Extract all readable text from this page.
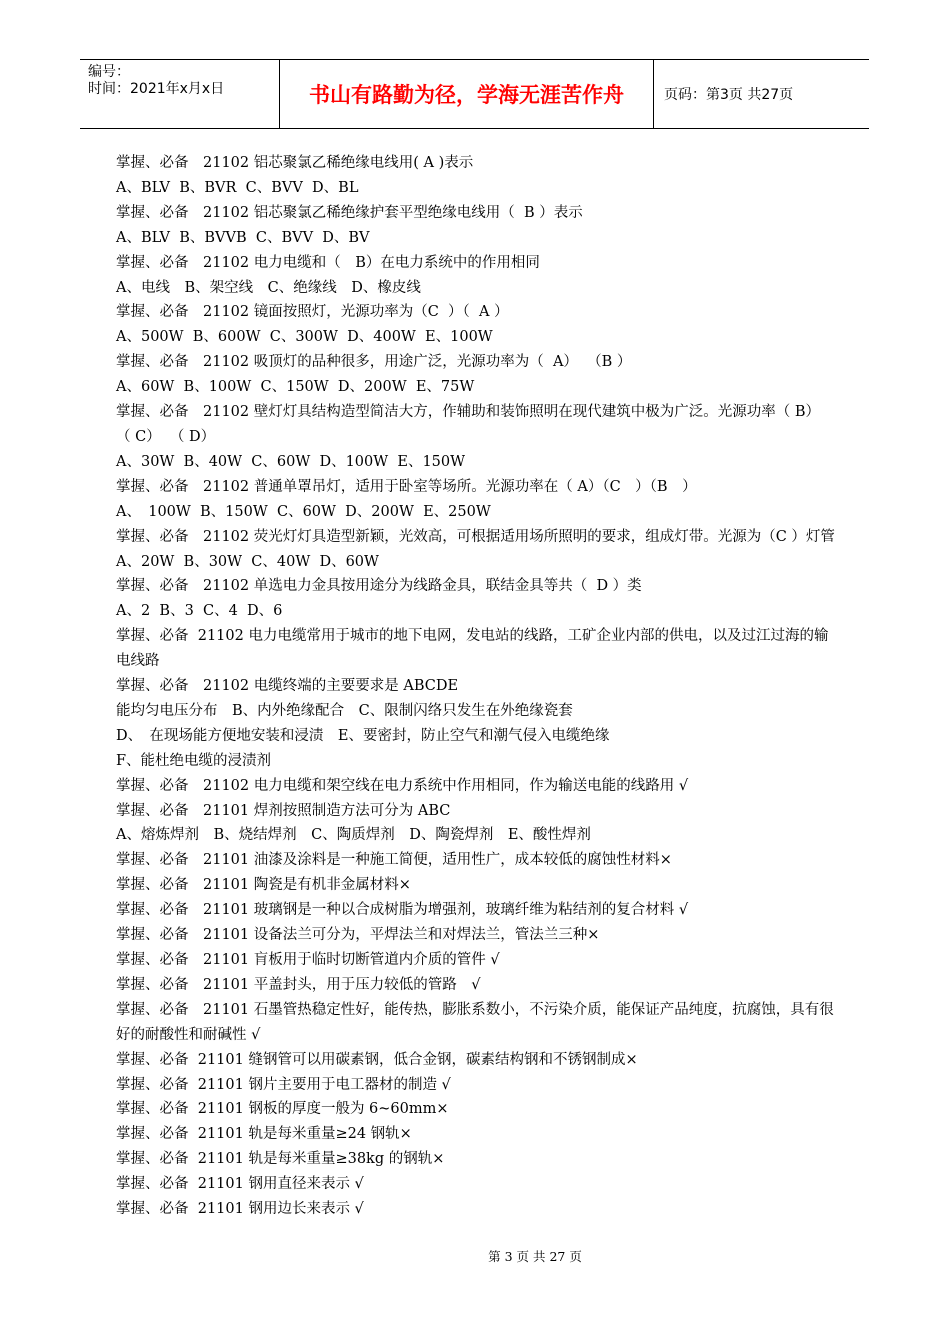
编号：
时间：2021年x月x日	书山有路勤为径，学海无涯苦作舟	页码：第3页 共27页

掌握、必备　21102 铝芯聚氯乙稀绝缘电线用( A )表示

A、BLV  B、BVR  C、BVV  D、BL

掌握、必备　21102 铝芯聚氯乙稀绝缘护套平型绝缘电线用（  B ）表示

A、BLV  B、BVVB  C、BVV  D、BV

掌握、必备　21102 电力电缆和（　B）在电力系统中的作用相同

A、电线　B、架空线　C、绝缘线　D、橡皮线

掌握、必备　21102 镜面按照灯，光源功率为（C  ）（  A ）

A、500W  B、600W  C、300W  D、400W  E、100W

掌握、必备　21102 吸顶灯的品种很多，用途广泛，光源功率为（  A）  （B ）

A、60W  B、100W  C、150W  D、200W  E、75W

掌握、必备　21102 壁灯灯具结构造型简洁大方，作辅助和装饰照明在现代建筑中极为广泛。光源功率（ B）  （ C）  （ D）

A、30W  B、40W  C、60W  D、100W  E、150W

掌握、必备　21102 普通单罩吊灯，适用于卧室等场所。光源功率在（ A）（C　）（B　）

A、　100W  B、150W  C、60W  D、200W  E、250W

掌握、必备　21102 荧光灯灯具造型新颖，光效高，可根据适用场所照明的要求，组成灯带。光源为（C ）灯管

A、20W  B、30W  C、40W  D、60W

掌握、必备　21102 单选电力金具按用途分为线路金具，联结金具等共（  D ）类

A、2  B、3  C、4  D、6

掌握、必备  21102 电力电缆常用于城市的地下电网，发电站的线路，工矿企业内部的供电，以及过江过海的输电线路

掌握、必备　21102 电缆终端的主要要求是 ABCDE

能均匀电压分布　B、内外绝缘配合　C、限制闪络只发生在外绝缘瓷套

D、　在现场能方便地安装和浸渍　E、要密封，防止空气和潮气侵入电缆绝缘

F、能杜绝电缆的浸渍剂

掌握、必备　21102 电力电缆和架空线在电力系统中作用相同，作为输送电能的线路用 √

掌握、必备　21101 焊剂按照制造方法可分为 ABC

A、熔炼焊剂　B、烧结焊剂　C、陶质焊剂　D、陶瓷焊剂　E、酸性焊剂

掌握、必备　21101 油漆及涂料是一种施工简便，适用性广，成本较低的腐蚀性材料×

掌握、必备　21101 陶瓷是有机非金属材料×

掌握、必备　21101 玻璃钢是一种以合成树脂为增强剂，玻璃纤维为粘结剂的复合材料 √

掌握、必备　21101 设备法兰可分为，平焊法兰和对焊法兰，管法兰三种×

掌握、必备　21101 肓板用于临时切断管道内介质的管件 √

掌握、必备　21101 平盖封头，用于压力较低的管路　√

掌握、必备　21101 石墨管热稳定性好，能传热，膨胀系数小，不污染介质，能保证产品纯度，抗腐蚀，具有很好的耐酸性和耐碱性 √

掌握、必备  21101 缝钢管可以用碳素钢，低合金钢，碳素结构钢和不锈钢制成×

掌握、必备  21101 钢片主要用于电工器材的制造 √

掌握、必备  21101 钢板的厚度一般为 6~60mm×

掌握、必备  21101 轨是每米重量≥24 钢轨×

掌握、必备  21101 轨是每米重量≥38kg 的钢轨×

掌握、必备  21101 钢用直径来表示 √

掌握、必备  21101 钢用边长来表示 √

第 3 页 共 27 页
